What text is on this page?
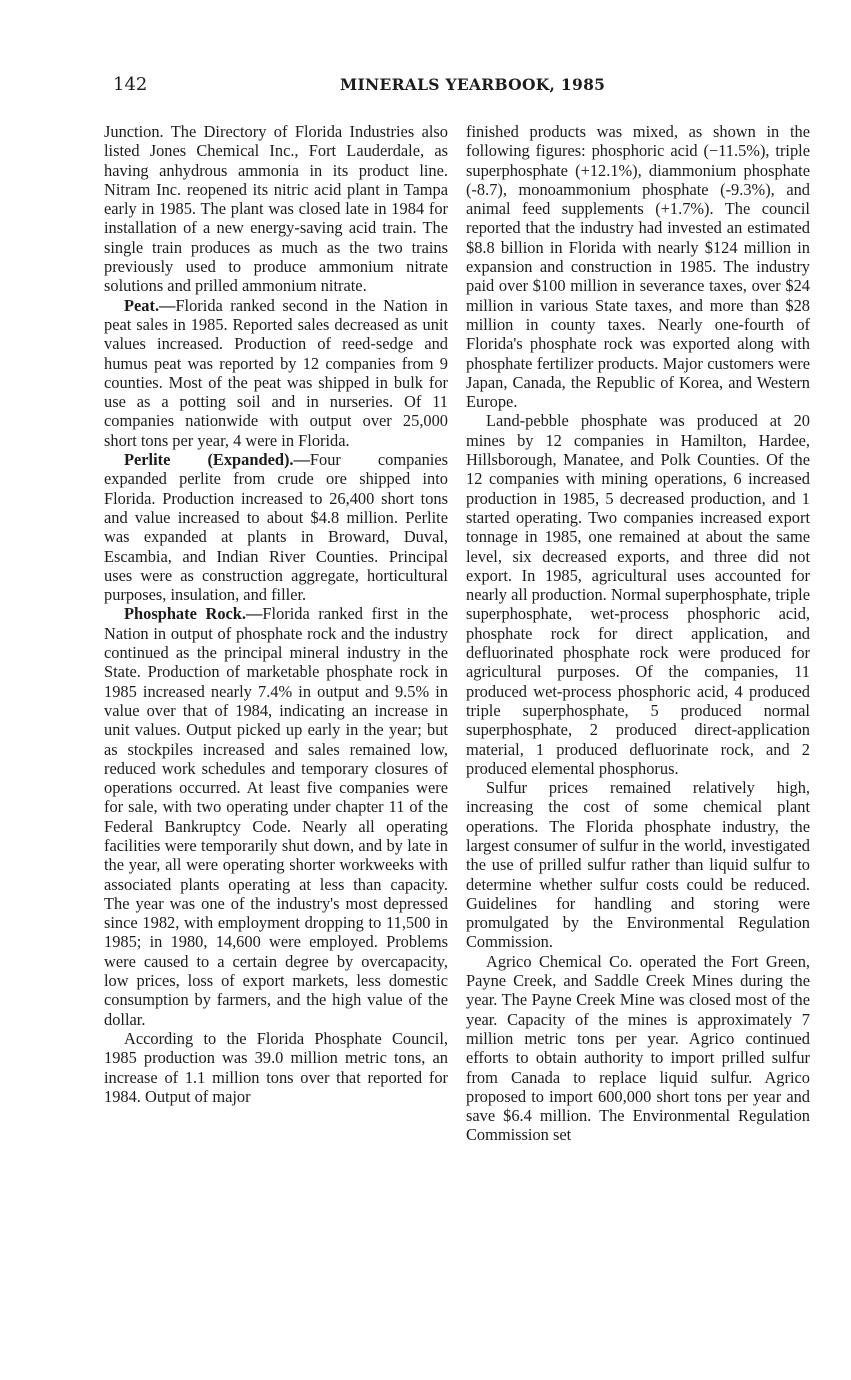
142	MINERALS YEARBOOK, 1985

Junction. The Directory of Florida Industries also listed Jones Chemical Inc., Fort Lauderdale, as having anhydrous ammonia in its product line. Nitram Inc. reopened its nitric acid plant in Tampa early in 1985. The plant was closed late in 1984 for installation of a new energy-saving acid train. The single train produces as much as the two trains previously used to produce ammonium nitrate solutions and prilled ammonium nitrate.

Peat.—Florida ranked second in the Nation in peat sales in 1985. Reported sales decreased as unit values increased. Production of reed-sedge and humus peat was reported by 12 companies from 9 counties. Most of the peat was shipped in bulk for use as a potting soil and in nurseries. Of 11 companies nationwide with output over 25,000 short tons per year, 4 were in Florida.

Perlite (Expanded).—Four companies expanded perlite from crude ore shipped into Florida. Production increased to 26,400 short tons and value increased to about $4.8 million. Perlite was expanded at plants in Broward, Duval, Escambia, and Indian River Counties. Principal uses were as construction aggregate, horticultural purposes, insulation, and filler.

Phosphate Rock.—Florida ranked first in the Nation in output of phosphate rock and the industry continued as the principal mineral industry in the State. Production of marketable phosphate rock in 1985 increased nearly 7.4% in output and 9.5% in value over that of 1984, indicating an increase in unit values. Output picked up early in the year; but as stockpiles increased and sales remained low, reduced work schedules and temporary closures of operations occurred. At least five companies were for sale, with two operating under chapter 11 of the Federal Bankruptcy Code. Nearly all operating facilities were temporarily shut down, and by late in the year, all were operating shorter workweeks with associated plants operating at less than capacity. The year was one of the industry's most depressed since 1982, with employment dropping to 11,500 in 1985; in 1980, 14,600 were employed. Problems were caused to a certain degree by overcapacity, low prices, loss of export markets, less domestic consumption by farmers, and the high value of the dollar.

According to the Florida Phosphate Council, 1985 production was 39.0 million metric tons, an increase of 1.1 million tons over that reported for 1984. Output of major

finished products was mixed, as shown in the following figures: phosphoric acid (−11.5%), triple superphosphate (+12.1%), diammonium phosphate (-8.7), monoammonium phosphate (-9.3%), and animal feed supplements (+1.7%). The council reported that the industry had invested an estimated $8.8 billion in Florida with nearly $124 million in expansion and construction in 1985. The industry paid over $100 million in severance taxes, over $24 million in various State taxes, and more than $28 million in county taxes. Nearly one-fourth of Florida's phosphate rock was exported along with phosphate fertilizer products. Major customers were Japan, Canada, the Republic of Korea, and Western Europe.

Land-pebble phosphate was produced at 20 mines by 12 companies in Hamilton, Hardee, Hillsborough, Manatee, and Polk Counties. Of the 12 companies with mining operations, 6 increased production in 1985, 5 decreased production, and 1 started operating. Two companies increased export tonnage in 1985, one remained at about the same level, six decreased exports, and three did not export. In 1985, agricultural uses accounted for nearly all production. Normal superphosphate, triple superphosphate, wet-process phosphoric acid, phosphate rock for direct application, and defluorinated phosphate rock were produced for agricultural purposes. Of the companies, 11 produced wet-process phosphoric acid, 4 produced triple superphosphate, 5 produced normal superphosphate, 2 produced direct-application material, 1 produced defluorinate rock, and 2 produced elemental phosphorus.

Sulfur prices remained relatively high, increasing the cost of some chemical plant operations. The Florida phosphate industry, the largest consumer of sulfur in the world, investigated the use of prilled sulfur rather than liquid sulfur to determine whether sulfur costs could be reduced. Guidelines for handling and storing were promulgated by the Environmental Regulation Commission.

Agrico Chemical Co. operated the Fort Green, Payne Creek, and Saddle Creek Mines during the year. The Payne Creek Mine was closed most of the year. Capacity of the mines is approximately 7 million metric tons per year. Agrico continued efforts to obtain authority to import prilled sulfur from Canada to replace liquid sulfur. Agrico proposed to import 600,000 short tons per year and save $6.4 million. The Environmental Regulation Commission set
